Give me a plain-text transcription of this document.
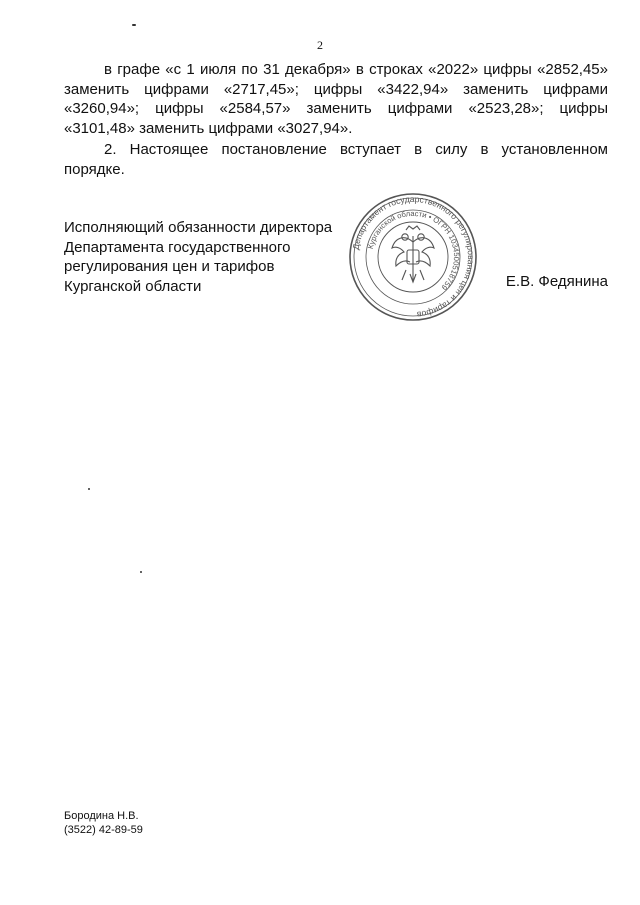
2

в графе «с 1 июля по 31 декабря» в строках «2022» цифры «2852,45» заменить цифрами «2717,45»; цифры «3422,94» заменить цифрами «3260,94»; цифры «2584,57» заменить цифрами «2523,28»; цифры «3101,48» заменить цифрами «3027,94».

2. Настоящее постановление вступает в силу в установленном порядке.

Исполняющий обязанности директора
Департамента государственного
регулирования цен и тарифов
Курганской области
Департамент государственного регулирования цен и тарифов
Курганской области • ОГРН 1034500518759	Е.В. Федянина
Бородина Н.В.
(3522) 42-89-59
